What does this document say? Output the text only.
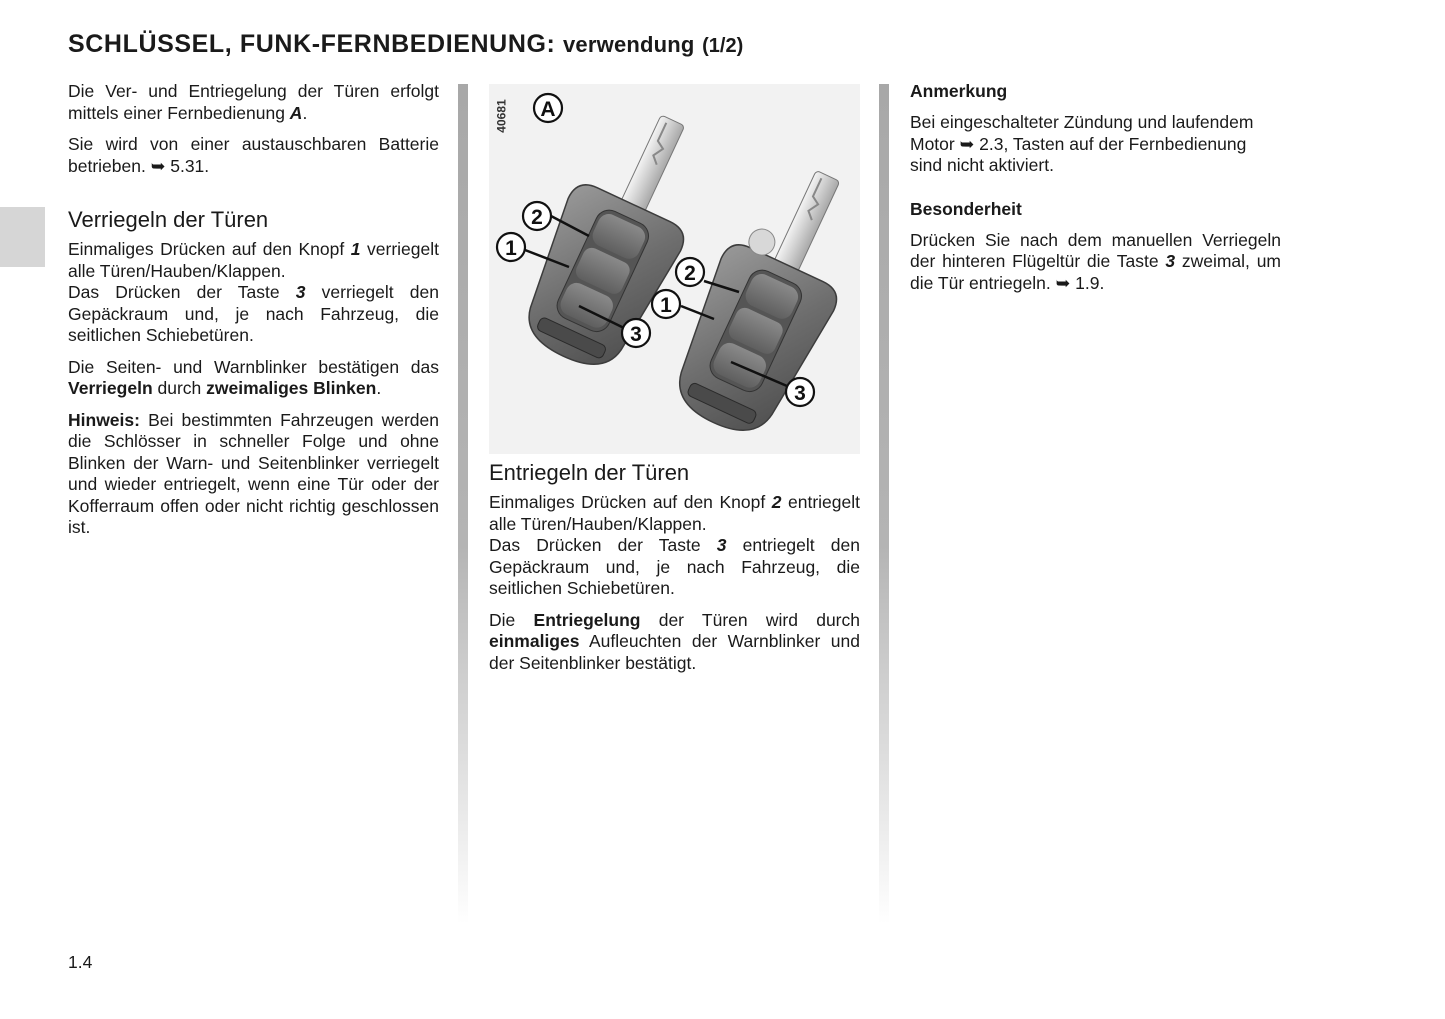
SCHLÜSSEL, FUNK-FERNBEDIENUNG: verwendung (1/2)

Die Ver- und Entriegelung der Türen erfolgt mittels einer Fernbedienung A.

Sie wird von einer austauschbaren Batterie betrieben. ➥ 5.31.

Verriegeln der Türen

Einmaliges Drücken auf den Knopf 1 verriegelt alle Türen/Hauben/Klappen.

Das Drücken der Taste 3 verriegelt den Gepäckraum und, je nach Fahrzeug, die seitlichen Schiebetüren.

Die Seiten- und Warnblinker bestätigen das Verriegeln durch zweimaliges Blinken.

Hinweis: Bei bestimmten Fahrzeugen werden die Schlösser in schneller Folge und ohne Blinken der Warn- und Seitenblinker verriegelt und wieder entriegelt, wenn eine Tür oder der Kofferraum offen oder nicht richtig geschlossen ist.

2
1
3
2
1
3
A
40681
Entriegeln der Türen

Einmaliges Drücken auf den Knopf 2 entriegelt alle Türen/Hauben/Klappen.

Das Drücken der Taste 3 entriegelt den Gepäckraum und, je nach Fahrzeug, die seitlichen Schiebetüren.

Die Entriegelung der Türen wird durch einmaliges Aufleuchten der Warnblinker und der Seitenblinker bestätigt.

Anmerkung

Bei eingeschalteter Zündung und laufendem Motor ➥ 2.3, Tasten auf der Fernbedienung sind nicht aktiviert.

Besonderheit

Drücken Sie nach dem manuellen Verriegeln der hinteren Flügeltür die Taste 3 zweimal, um die Tür entriegeln. ➥ 1.9.

1.4
